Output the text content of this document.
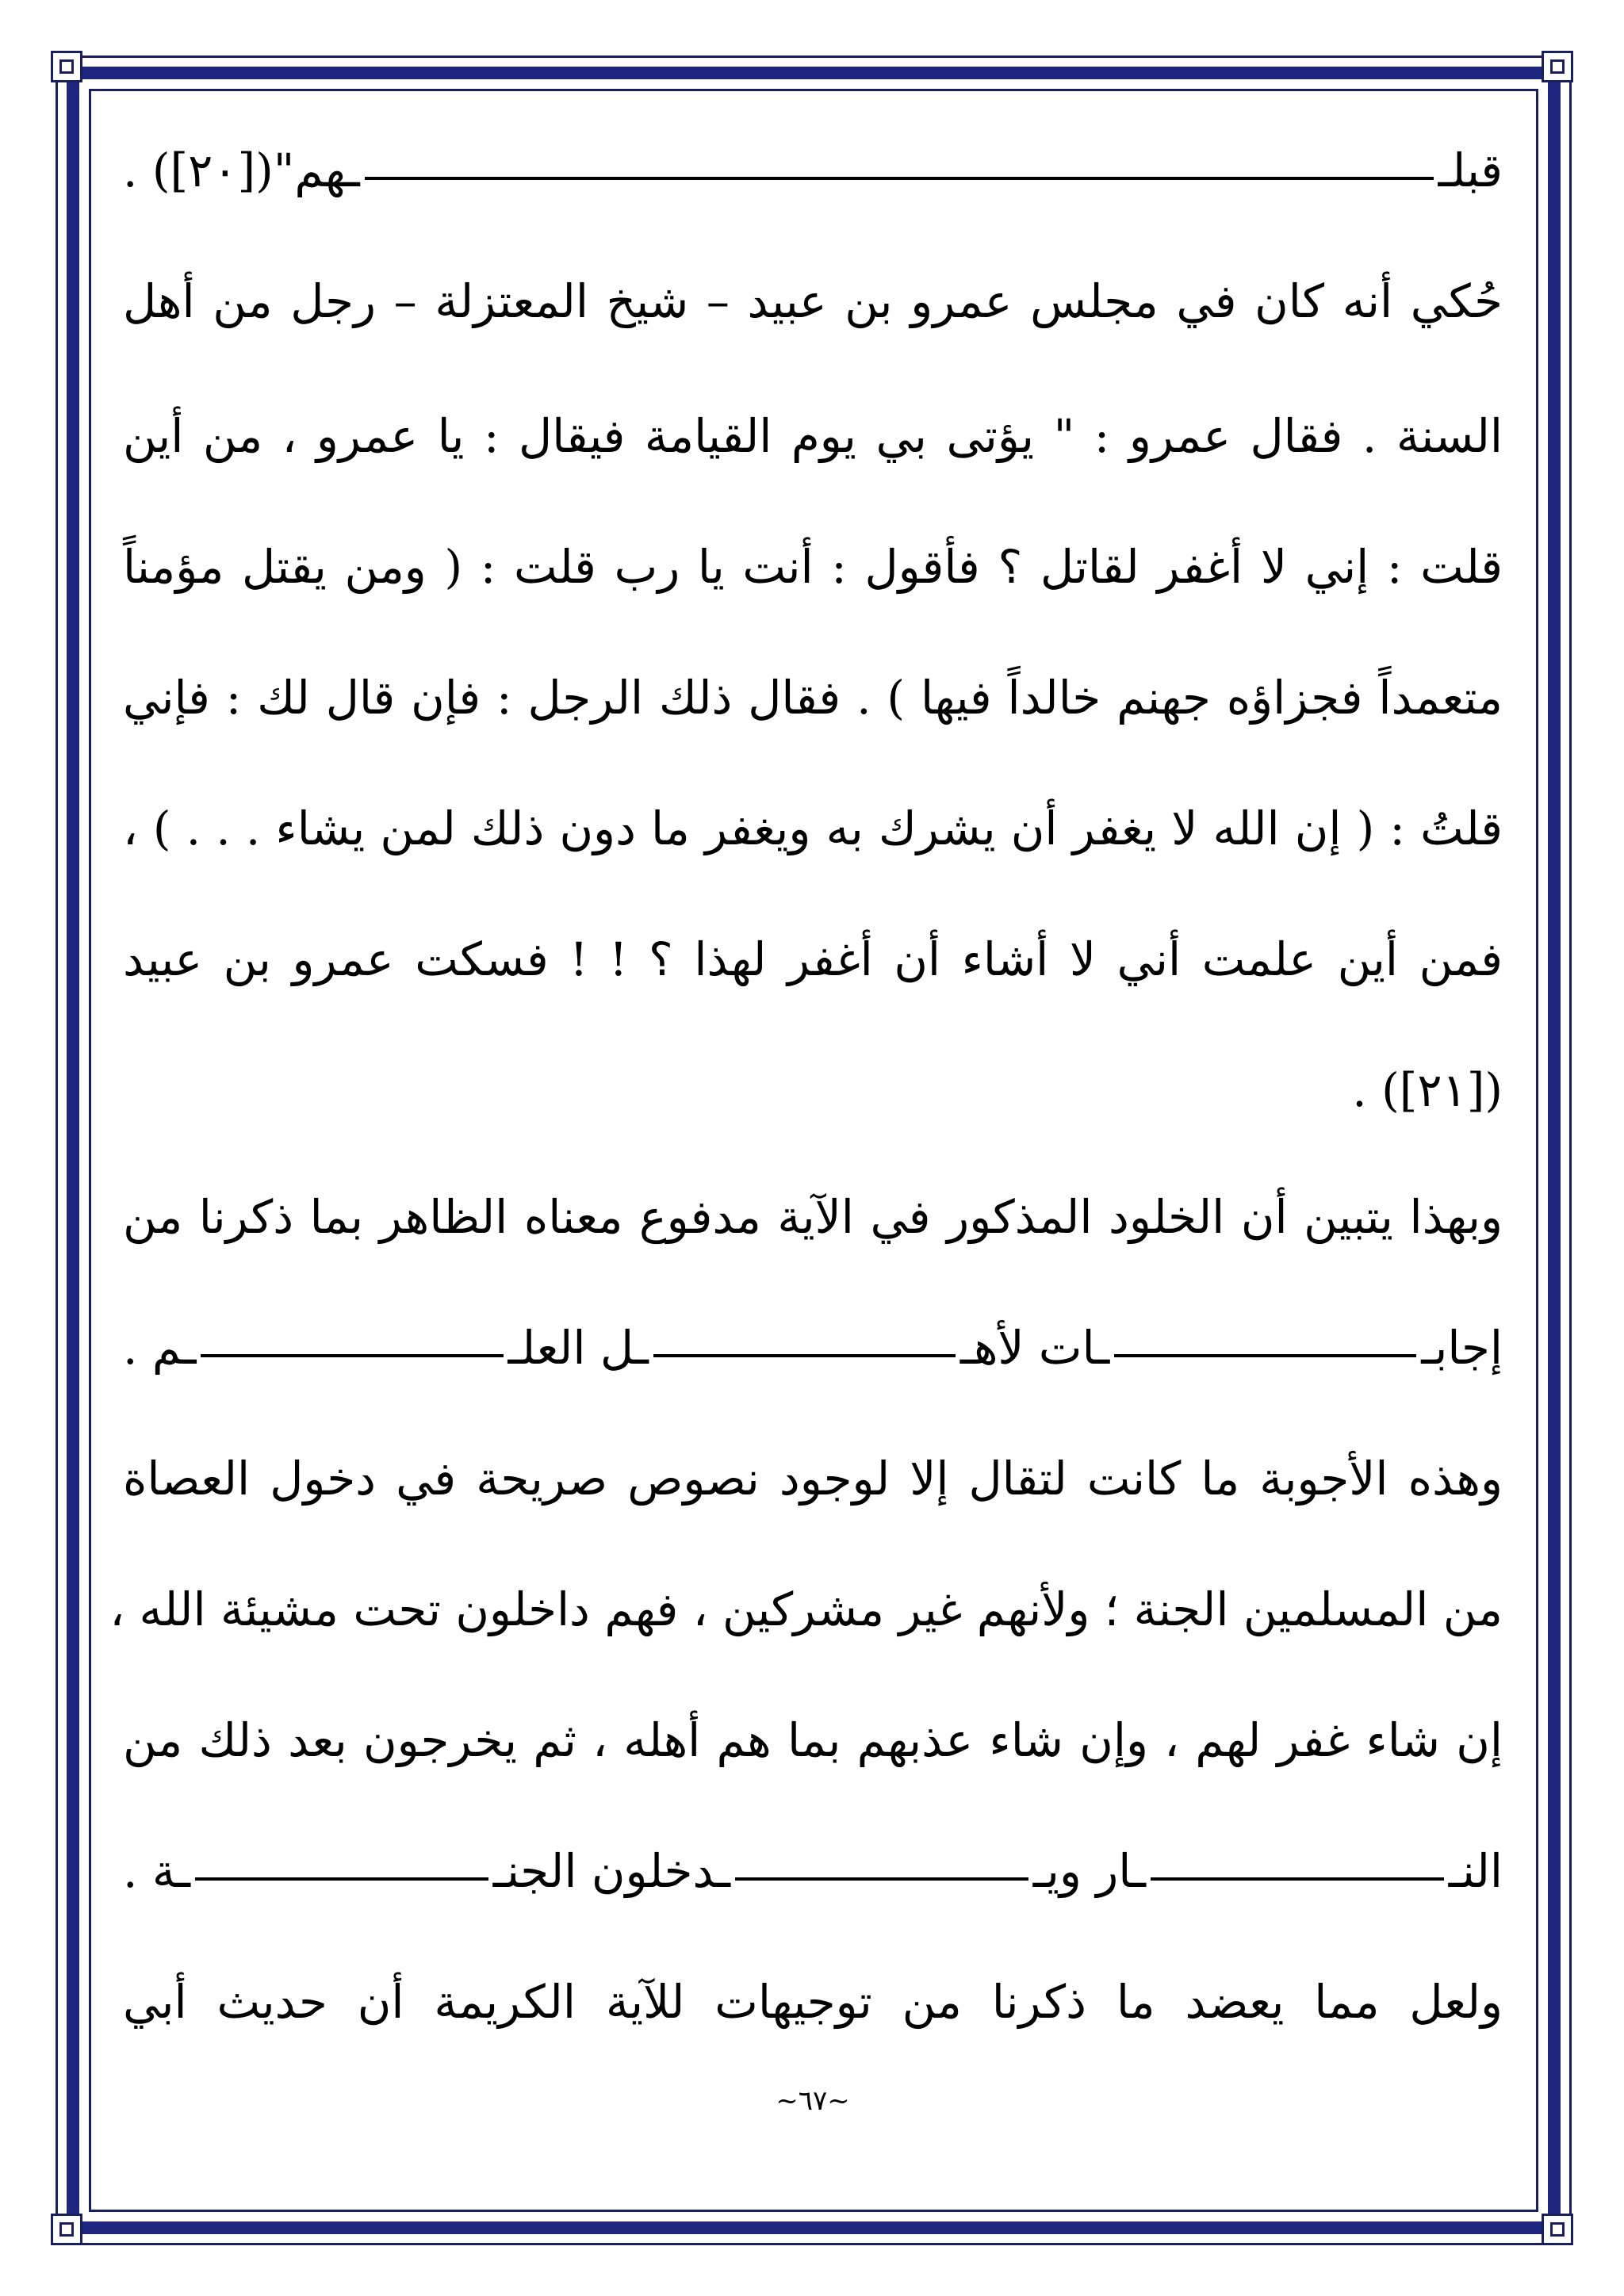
قبلـ
ـهم"([٢٠]) .
حُكي أنه كان في مجلس عمرو بن عبيد – شيخ المعتزلة – رجل من أهل
السنة . فقال عمرو : " يؤتى بي يوم القيامة فيقال : يا عمرو ، من أين
قلت : إني لا أغفر لقاتل ؟ فأقول : أنت يا رب قلت : ( ومن يقتل مؤمناً
متعمداً فجزاؤه جهنم خالداً فيها ) . فقال ذلك الرجل : فإن قال لك : فإني
قلتُ : ( إن الله لا يغفر أن يشرك به ويغفر ما دون ذلك لمن يشاء . . . ) ،
فمن أين علمت أني لا أشاء أن أغفر لهذا ؟ ! ! فسكت عمرو بن عبيد
([٢١]) .
وبهذا يتبين أن الخلود المذكور في الآية مدفوع معناه الظاهر بما ذكرنا من
إجابـ
ـات لأهـ
ـل العلـ
ـم .
وهذه الأجوبة ما كانت لتقال إلا لوجود نصوص صريحة في دخول العصاة
من المسلمين الجنة ؛ ولأنهم غير مشركين ، فهم داخلون تحت مشيئة الله ،
إن شاء غفر لهم ، وإن شاء عذبهم بما هم أهله ، ثم يخرجون بعد ذلك من
النـ
ـار ويـ
ـدخلون الجنـ
ـة .
ولعل مما يعضد ما ذكرنا من توجيهات للآية الكريمة أن حديث أبي
~٦٧~
